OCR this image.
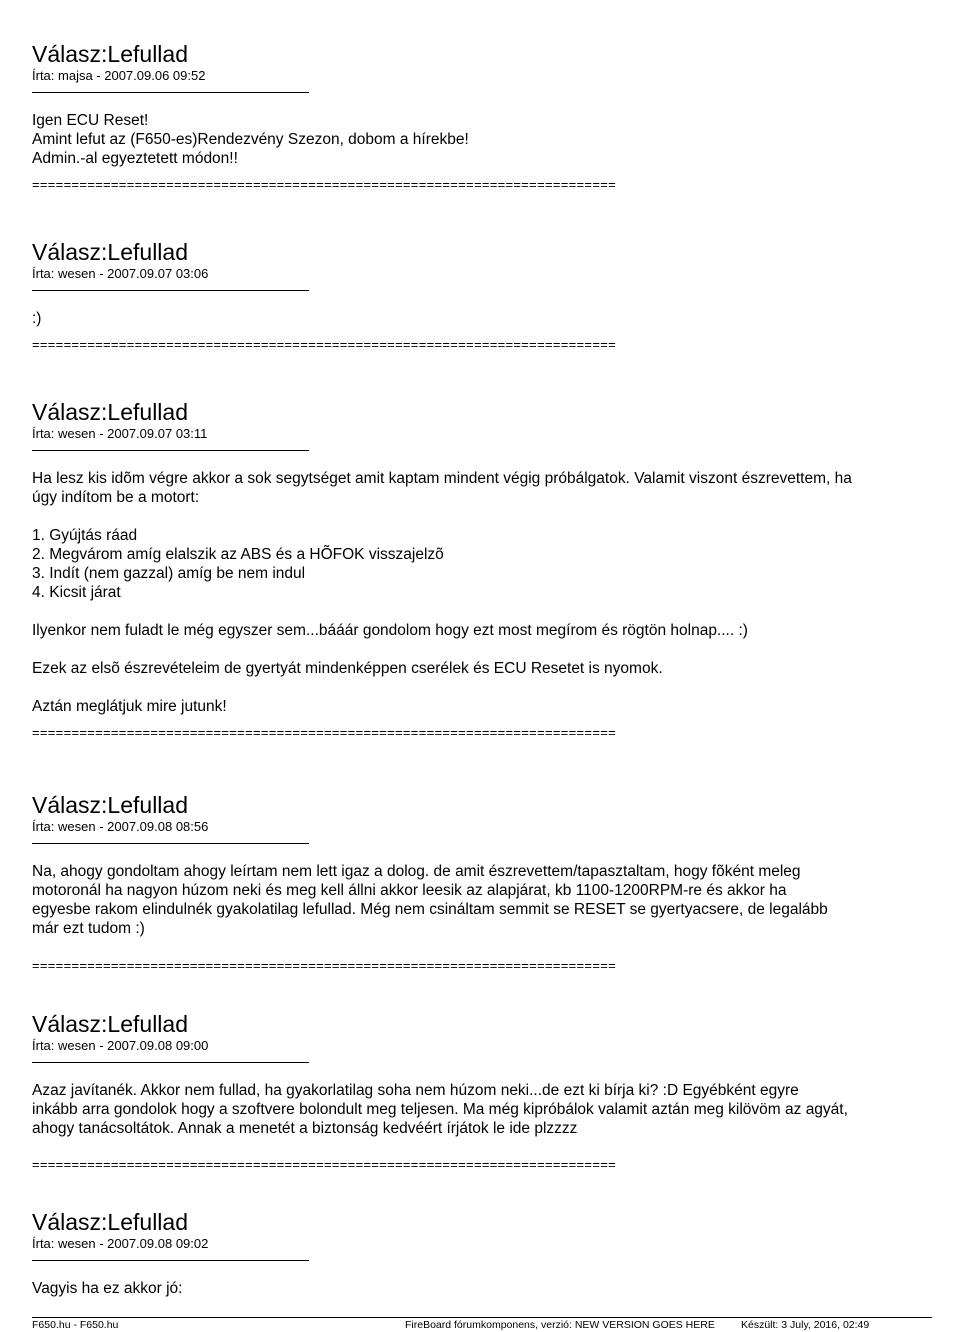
Válasz:Lefullad
Írta: majsa - 2007.09.06 09:52

Igen ECU Reset!

Amint lefut az (F650-es)Rendezvény Szezon, dobom a hírekbe!

Admin.-al egyeztetett módon!!

==========================================================================
Válasz:Lefullad
Írta: wesen - 2007.09.07 03:06

:)

==========================================================================
Válasz:Lefullad
Írta: wesen - 2007.09.07 03:11

Ha lesz kis idõm végre akkor a sok segytséget amit kaptam mindent végig próbálgatok. Valamit viszont észrevettem, ha

úgy indítom be a motort:

1. Gyújtás ráad

2. Megvárom amíg elalszik az ABS és a HÕFOK visszajelzõ

3. Indít (nem gazzal) amíg be nem indul

4. Kicsit járat

Ilyenkor nem fuladt le még egyszer sem...bááár gondolom hogy ezt most megírom és rögtön holnap.... :)

Ezek az elsõ észrevételeim de gyertyát mindenképpen cserélek és ECU Resetet is nyomok.

Aztán meglátjuk mire jutunk!

==========================================================================
Válasz:Lefullad
Írta: wesen - 2007.09.08 08:56

Na, ahogy gondoltam ahogy leírtam nem lett igaz a dolog. de amit észrevettem/tapasztaltam, hogy fõként meleg

motoronál ha nagyon húzom neki és meg kell állni akkor leesik az alapjárat, kb 1100-1200RPM-re és akkor ha

egyesbe rakom elindulnék gyakolatilag lefullad. Még nem csináltam semmit se RESET se gyertyacsere, de legalább

már ezt tudom :)

==========================================================================
Válasz:Lefullad
Írta: wesen - 2007.09.08 09:00

Azaz javítanék. Akkor nem fullad, ha gyakorlatilag soha nem húzom neki...de ezt ki bírja ki? :D Egyébként egyre

inkább arra gondolok hogy a szoftvere bolondult meg teljesen. Ma még kipróbálok valamit aztán meg kilövöm az agyát,

ahogy tanácsoltátok. Annak a menetét a biztonság kedvéért írjátok le ide plzzzz

==========================================================================
Válasz:Lefullad
Írta: wesen - 2007.09.08 09:02

Vagyis ha ez akkor jó:

F650.hu - F650.hu	FireBoard fórumkomponens, verzió: NEW VERSION GOES HERE Készült: 3 July, 2016, 02:49
